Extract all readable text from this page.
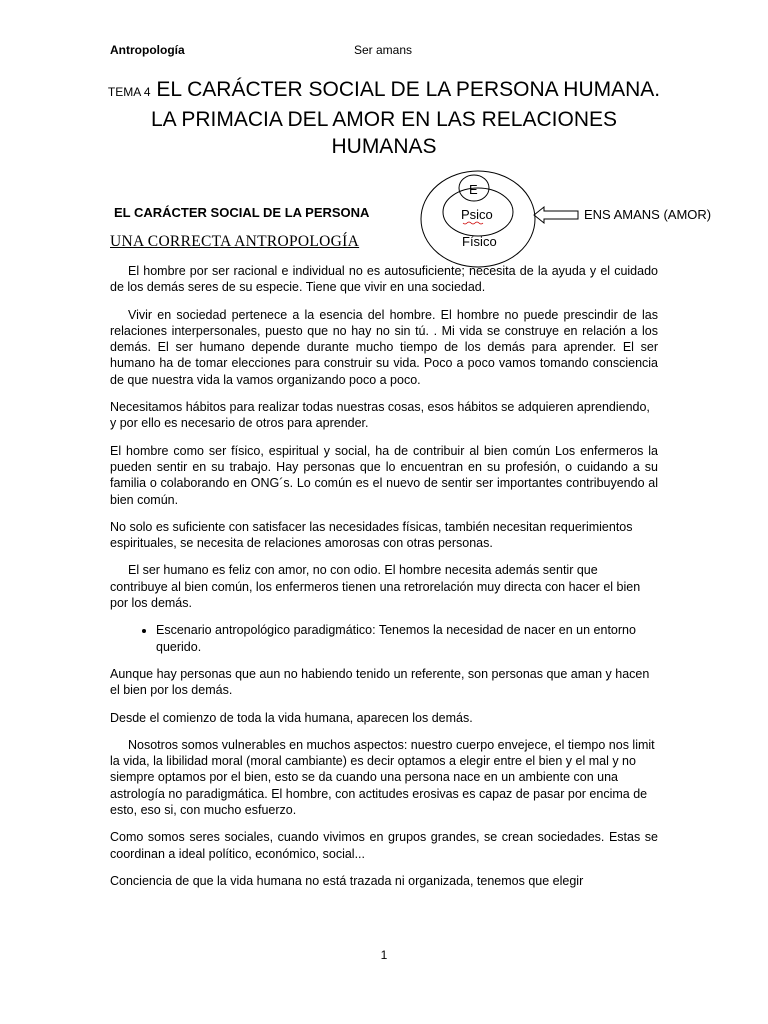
Antropología	Ser amans
TEMA 4 EL CARÁCTER SOCIAL DE LA PERSONA HUMANA. LA PRIMACIA DEL AMOR EN LAS RELACIONES HUMANAS
EL CARÁCTER SOCIAL DE LA PERSONA
UNA CORRECTA ANTROPOLOGÍA
E
Psico
Físico
ENS AMANS (AMOR)

El hombre por ser racional e individual no es autosuficiente; necesita de la ayuda y el cuidado de los demás seres de su especie. Tiene que vivir en una sociedad.

Vivir en sociedad pertenece a la esencia del hombre. El hombre no puede prescindir de las relaciones interpersonales, puesto que no hay no sin tú. . Mi vida se construye en relación a los demás. El ser humano depende durante mucho tiempo de los demás para aprender. El ser humano ha de tomar elecciones para construir su vida. Poco a poco vamos tomando consciencia de que nuestra vida la vamos organizando poco a poco.

Necesitamos hábitos para realizar todas nuestras cosas, esos hábitos se adquieren aprendiendo, y por ello es necesario de otros para aprender.

El hombre como ser físico, espiritual y social, ha de contribuir al bien común Los enfermeros la pueden sentir en su trabajo. Hay personas que lo encuentran en su profesión, o cuidando a su familia o colaborando en ONG´s. Lo común es el nuevo de sentir ser importantes contribuyendo al bien común.

No solo es suficiente con satisfacer las necesidades físicas, también necesitan requerimientos espirituales, se necesita de relaciones amorosas con otras personas.

El ser humano es feliz con amor, no con odio. El hombre necesita además sentir que contribuye al bien común, los enfermeros tienen una retrorelación muy directa con hacer el bien por los demás.

• Escenario antropológico paradigmático: Tenemos la necesidad de nacer en un entorno querido.

Aunque hay personas que aun no habiendo tenido un referente, son personas que aman y hacen el bien por los demás.

Desde el comienzo de toda la vida humana, aparecen los demás.

Nosotros somos vulnerables en muchos aspectos: nuestro cuerpo envejece, el tiempo nos limit la vida, la libilidad moral (moral cambiante) es decir optamos a elegir entre el bien y el mal y no siempre optamos por el bien, esto se da cuando una persona nace en un ambiente con una astrología no paradigmática. El hombre, con actitudes erosivas es capaz de pasar por encima de esto, eso si, con mucho esfuerzo.

Como somos seres sociales, cuando vivimos en grupos grandes, se crean sociedades. Estas se coordinan a ideal político, económico, social...

Conciencia de que la vida humana no está trazada ni organizada, tenemos que elegir

1
